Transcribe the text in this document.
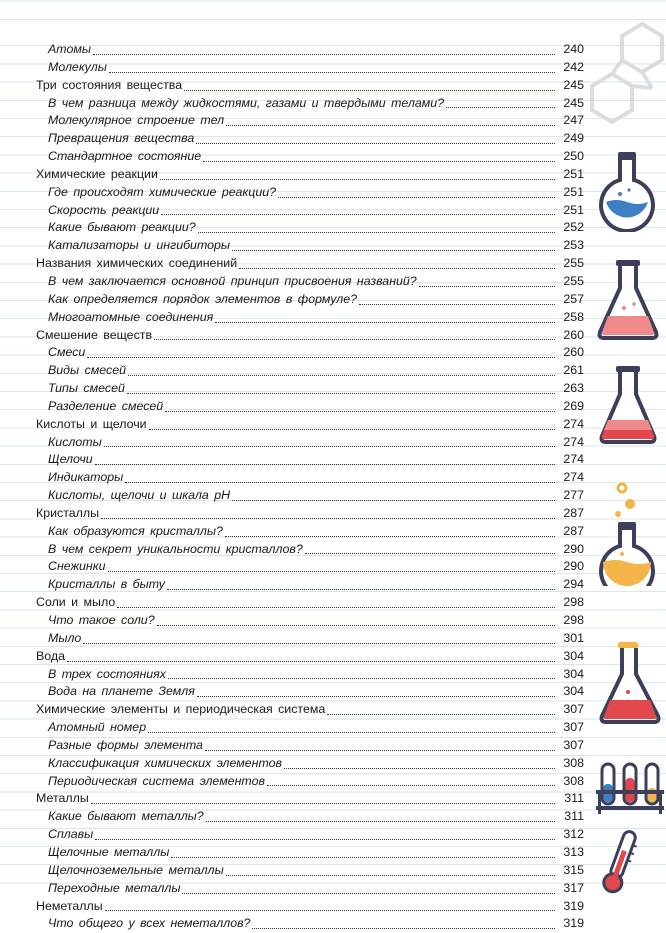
Атомы	240
Молекулы	242
Три состояния вещества	245
В чем разница между жидкостями, газами и твердыми телами?	245
Молекулярное строение тел	247
Превращения вещества	249
Стандартное состояние	250
Химические реакции	251
Где происходят химические реакции?	251
Скорость реакции	251
Какие бывают реакции?	252
Катализаторы и ингибиторы	253
Названия химических соединений	255
В чем заключается основной принцип присвоения названий?	255
Как определяется порядок элементов в формуле?	257
Многоатомные соединения	258
Смешение веществ	260
Смеси	260
Виды смесей	261
Типы смесей	263
Разделение смесей	269
Кислоты и щелочи	274
Кислоты	274
Щелочи	274
Индикаторы	274
Кислоты, щелочи и шкала pH	277
Кристаллы	287
Как образуются кристаллы?	287
В чем секрет уникальности кристаллов?	290
Снежинки	290
Кристаллы в быту	294
Соли и мыло	298
Что такое соли?	298
Мыло	301
Вода	304
В трех состояниях	304
Вода на планете Земля	304
Химические элементы и периодическая система	307
Атомный номер	307
Разные формы элемента	307
Классификация химических элементов	308
Периодическая система элементов	308
Металлы	311
Какие бывают металлы?	311
Сплавы	312
Щелочные металлы	313
Щелочноземельные металлы	315
Переходные металлы	317
Неметаллы	319
Что общего у всех неметаллов?	319
